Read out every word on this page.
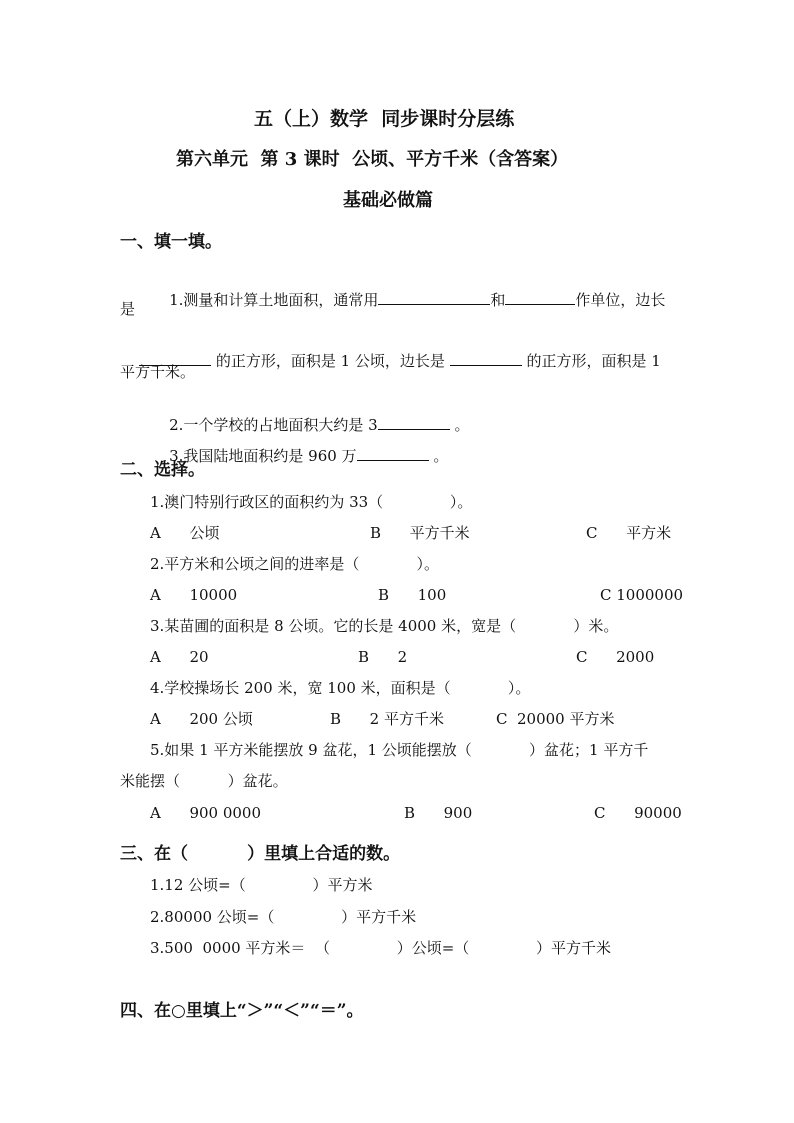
五（上）数学  同步课时分层练
第六单元  第 3 课时  公顷、平方千米（含答案）
基础必做篇
一、填一填。

1.测量和计算土地面积，通常用	和	作单位，边长

是

的正方形，面积是 1 公顷，边长是	的正方形，面积是 1

平方千米。

2.一个学校的占地面积大约是 3	。

3.我国陆地面积约是 960 万	。

二、选择。
1.澳门特别行政区的面积约为 33（              ）。
A      公顷	B      平方千米	C      平方米
2.平方米和公顷之间的进率是（            ）。
A      10000	B      100	C 1000000
3.某苗圃的面积是 8 公顷。它的长是 4000 米，宽是（            ）米。
A      20	B      2	C      2000
4.学校操场长 200 米，宽 100 米，面积是（            ）。
A      200 公顷	B      2 平方千米	C  20000 平方米
5.如果 1 平方米能摆放 9 盆花，1 公顷能摆放（            ）盆花；1 平方千
米能摆（          ）盆花。
A      900 0000	B      900	C      90000
三、在（          ）里填上合适的数。
1.12 公顷=（              ）平方米
2.80000 公顷=（              ）平方千米
3.500  0000 平方米＝  （              ）公顷=（              ）平方千米
四、在○里填上“＞”“＜”“＝”。
